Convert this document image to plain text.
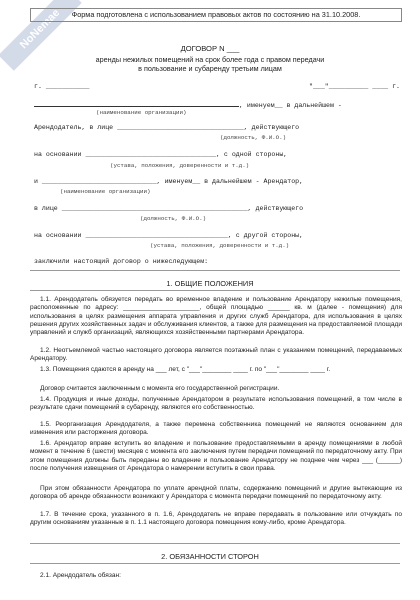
NoNemae	Форма подготовлена с использованием правовых актов по состоянию на 31.10.2008.
ДОГОВОР N ___
аренды нежилых помещений на срок более года с правом передачи
в пользование и субаренду третьим лицам
г. ___________	"___"__________ ____ г.
, именуем__ в дальнейшем -
(наименование организации)
Арендодатель, в лице ________________________________, действующего
(должность, Ф.И.О.)
на основании _________________________________, с одной стороны,
(устава, положения, доверенности и т.д.)
и _____________________________, именуем__ в дальнейшем - Арендатор,
(наименование организации)
в лице _______________________________________________, действующего
(должность, Ф.И.О.)
на основании ____________________________________, с другой стороны,
(устава, положения, доверенности и т.д.)
заключили настоящий договор о нижеследующем:
1. ОБЩИЕ ПОЛОЖЕНИЯ
1.1. Арендодатель обязуется передать во временное владение и пользование Арендатору нежилые помещения, расположенные по адресу: _____________________, общей площадью ______ кв. м (далее - помещения) для использования в целях размещения аппарата управления и других служб Арендатора, для использования в целях решения других хозяйственных задач и обслуживания клиентов, а также для размещения на предоставляемой площади управлений и служб организаций, являющихся хозяйственными партнерами Арендатора.
1.2. Неотъемлемой частью настоящего договора является поэтажный план с указанием помещений, передаваемых Арендатору.
1.3. Помещения сдаются в аренду на ___ лет, с "___"________ ____ г. по "___"________ ____ г.
Договор считается заключенным с момента его государственной регистрации.
1.4. Продукция и иные доходы, полученные Арендатором в результате использования помещений, в том числе в результате сдачи помещений в субаренду, являются его собственностью.
1.5. Реорганизация Арендодателя, а также перемена собственника помещений не являются основанием для изменения или расторжения договора.
1.6. Арендатор вправе вступить во владение и пользование предоставляемыми в аренду помещениями в любой момент в течение 6 (шести) месяцев с момента его заключения путем передачи помещений по передаточному акту. При этом помещения должны быть переданы во владение и пользование Арендатору не позднее чем через ___ (______) после получения извещения от Арендатора о намерении вступить в свои права.
При этом обязанности Арендатора по уплате арендной платы, содержанию помещений и другие вытекающие из договора об аренде обязанности возникают у Арендатора с момента передачи помещений по передаточному акту.
1.7. В течение срока, указанного в п. 1.6, Арендодатель не вправе передавать в пользование или отчуждать по другим основаниям указанные в п. 1.1 настоящего договора помещения кому-либо, кроме Арендатора.
2. ОБЯЗАННОСТИ СТОРОН
2.1. Арендодатель обязан:
